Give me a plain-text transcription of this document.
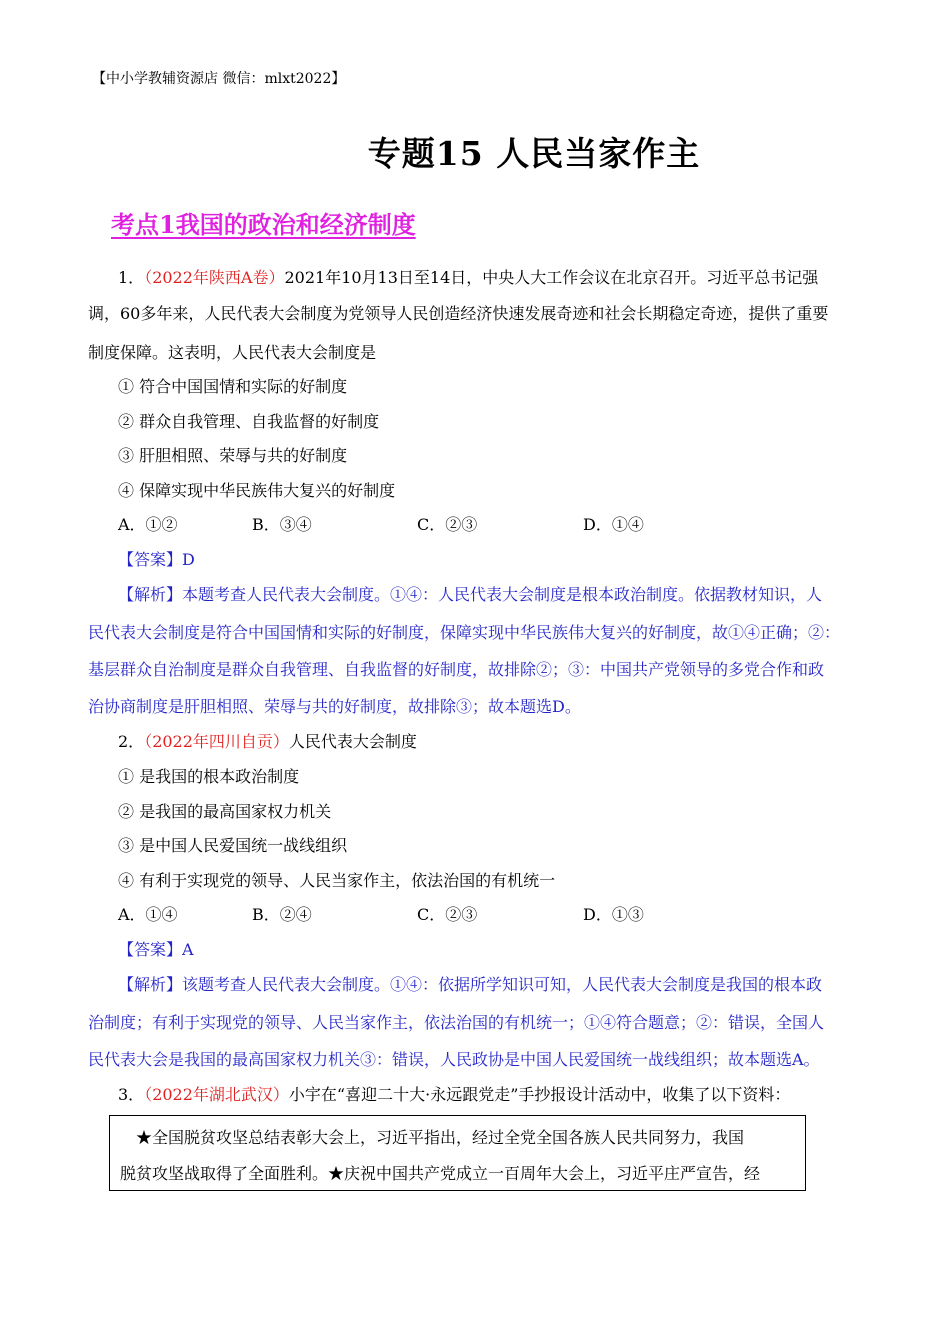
【中小学教辅资源店 微信：mlxt2022】
专题15 人民当家作主
考点1我国的政治和经济制度
1．（2022年陕西A卷）2021年10月13日至14日，中央人大工作会议在北京召开。习近平总书记强
调，60多年来，人民代表大会制度为党领导人民创造经济快速发展奇迹和社会长期稳定奇迹，提供了重要
制度保障。这表明，人民代表大会制度是
① 符合中国国情和实际的好制度
② 群众自我管理、自我监督的好制度
③ 肝胆相照、荣辱与共的好制度
④ 保障实现中华民族伟大复兴的好制度
A．①②	B．③④	C．②③	D．①④
【答案】D
【解析】本题考查人民代表大会制度。①④：人民代表大会制度是根本政治制度。依据教材知识，人
民代表大会制度是符合中国国情和实际的好制度，保障实现中华民族伟大复兴的好制度，故①④正确；②：
基层群众自治制度是群众自我管理、自我监督的好制度，故排除②；③：中国共产党领导的多党合作和政
治协商制度是肝胆相照、荣辱与共的好制度，故排除③；故本题选D。
2．（2022年四川自贡）人民代表大会制度
① 是我国的根本政治制度
② 是我国的最高国家权力机关
③ 是中国人民爱国统一战线组织
④ 有利于实现党的领导、人民当家作主，依法治国的有机统一
A．①④	B．②④	C．②③	D．①③
【答案】A
【解析】该题考查人民代表大会制度。①④：依据所学知识可知，人民代表大会制度是我国的根本政
治制度；有利于实现党的领导、人民当家作主，依法治国的有机统一；①④符合题意；②：错误，全国人
民代表大会是我国的最高国家权力机关③：错误，人民政协是中国人民爱国统一战线组织；故本题选A。
3．（2022年湖北武汉）小宇在“喜迎二十大·永远跟党走”手抄报设计活动中，收集了以下资料：
　★全国脱贫攻坚总结表彰大会上，习近平指出，经过全党全国各族人民共同努力，我国
脱贫攻坚战取得了全面胜利。★庆祝中国共产党成立一百周年大会上，习近平庄严宣告，经
